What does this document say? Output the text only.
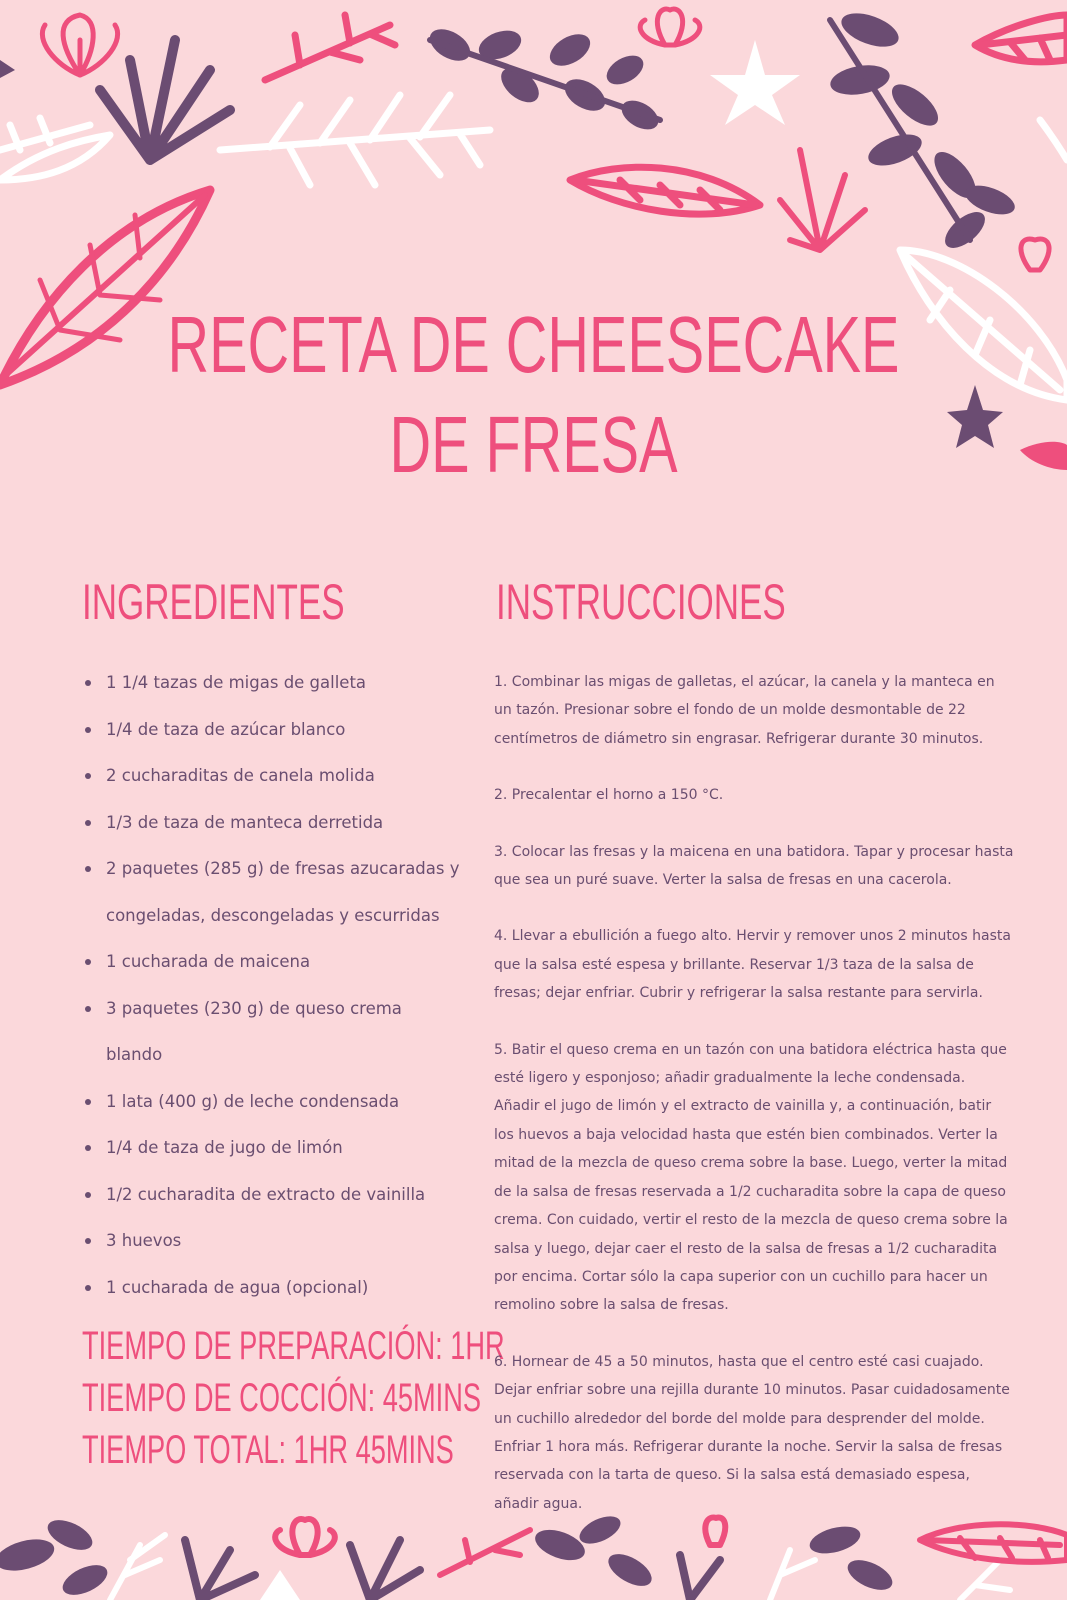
RECETA DE CHEESECAKE
DE FRESA
INGREDIENTES	INSTRUCCIONES
1 1/4 tazas de migas de galleta
1/4 de taza de azúcar blanco
2 cucharaditas de canela molida
1/3 de taza de manteca derretida
2 paquetes (285 g) de fresas azucaradas y congeladas, descongeladas y escurridas
1 cucharada de maicena
3 paquetes (230 g) de queso crema blando
1 lata (400 g) de leche condensada
1/4 de taza de jugo de limón
1/2 cucharadita de extracto de vainilla
3 huevos
1 cucharada de agua (opcional)
TIEMPO DE PREPARACIÓN: 1HR
TIEMPO DE COCCIÓN: 45MINS
TIEMPO TOTAL: 1HR 45MINS

1. Combinar las migas de galletas, el azúcar, la canela y la manteca en un tazón. Presionar sobre el fondo de un molde desmontable de 22 centímetros de diámetro sin engrasar. Refrigerar durante 30 minutos.

2. Precalentar el horno a 150 °C.

3. Colocar las fresas y la maicena en una batidora. Tapar y procesar hasta que sea un puré suave. Verter la salsa de fresas en una cacerola.

4. Llevar a ebullición a fuego alto. Hervir y remover unos 2 minutos hasta que la salsa esté espesa y brillante. Reservar 1/3 taza de la salsa de fresas; dejar enfriar. Cubrir y refrigerar la salsa restante para servirla.

5. Batir el queso crema en un tazón con una batidora eléctrica hasta que esté ligero y esponjoso; añadir gradualmente la leche condensada. Añadir el jugo de limón y el extracto de vainilla y, a continuación, batir los huevos a baja velocidad hasta que estén bien combinados. Verter la mitad de la mezcla de queso crema sobre la base. Luego, verter la mitad de la salsa de fresas reservada a 1/2 cucharadita sobre la capa de queso crema. Con cuidado, vertir el resto de la mezcla de queso crema sobre la salsa y luego, dejar caer el resto de la salsa de fresas a 1/2 cucharadita por encima. Cortar sólo la capa superior con un cuchillo para hacer un remolino sobre la salsa de fresas.

6. Hornear de 45 a 50 minutos, hasta que el centro esté casi cuajado. Dejar enfriar sobre una rejilla durante 10 minutos. Pasar cuidadosamente un cuchillo alrededor del borde del molde para desprender del molde. Enfriar 1 hora más. Refrigerar durante la noche. Servir la salsa de fresas reservada con la tarta de queso. Si la salsa está demasiado espesa, añadir agua.
